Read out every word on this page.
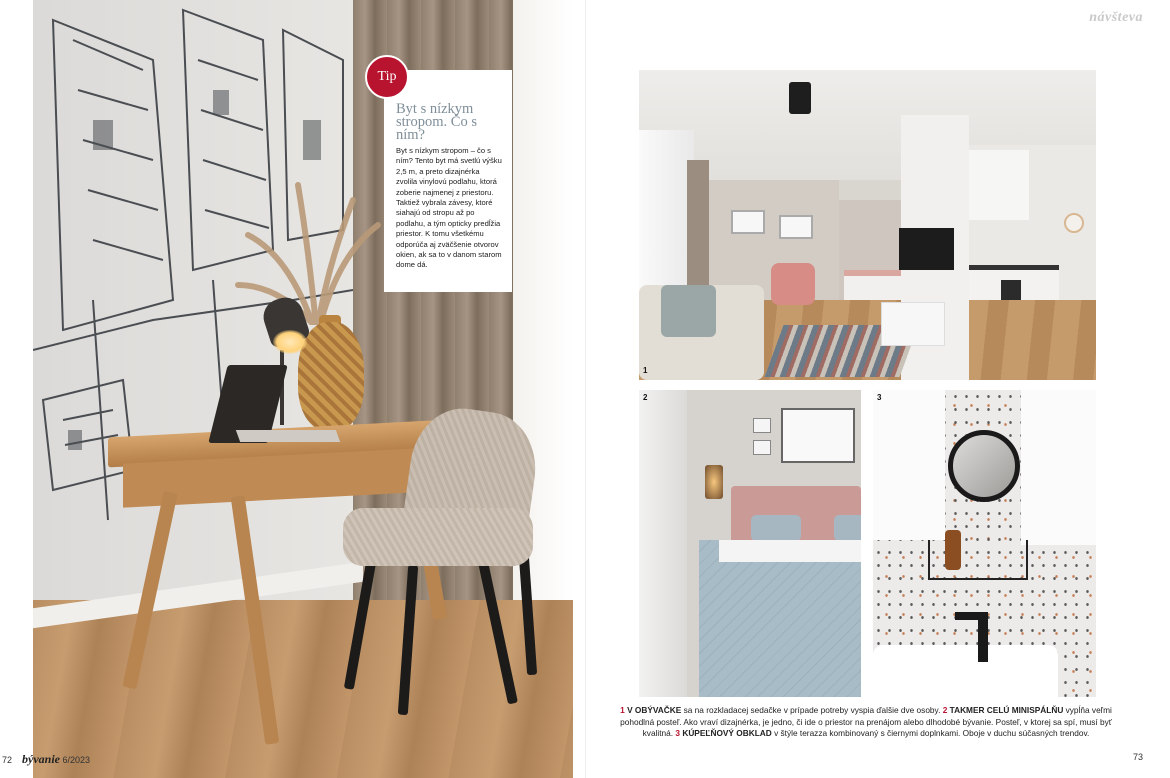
Byt s nízkym stropom. Čo s ním?
Byt s nízkym stropom – čo s ním? Tento byt má svetlú výšku 2,5 m, a preto dizajnérka zvolila vinylovú podlahu, ktorá zoberie najmenej z priestoru. Taktiež vybrala závesy, ktoré siahajú od stropu až po podlahu, a tým opticky predĺžia priestor. K tomu všetkému odporúča aj zväčšenie otvorov okien, ak sa to v danom starom dome dá.
Tip
návšteva
1
2	3
1 V OBÝVAČKE sa na rozkladacej sedačke v prípade potreby vyspia ďalšie dve osoby. 2 TAKMER CELÚ MINISPÁLŇU vypĺňa veľmi pohodlná posteľ. Ako vraví dizajnérka, je jedno, či ide o priestor na prenájom alebo dlhodobé bývanie. Posteľ, v ktorej sa spí, musí byť kvalitná. 3 KÚPEĽŇOVÝ OBKLAD v štýle terazza kombinovaný s čiernymi doplnkami. Oboje v duchu súčasných trendov.
72 bývanie 6/2023	73
